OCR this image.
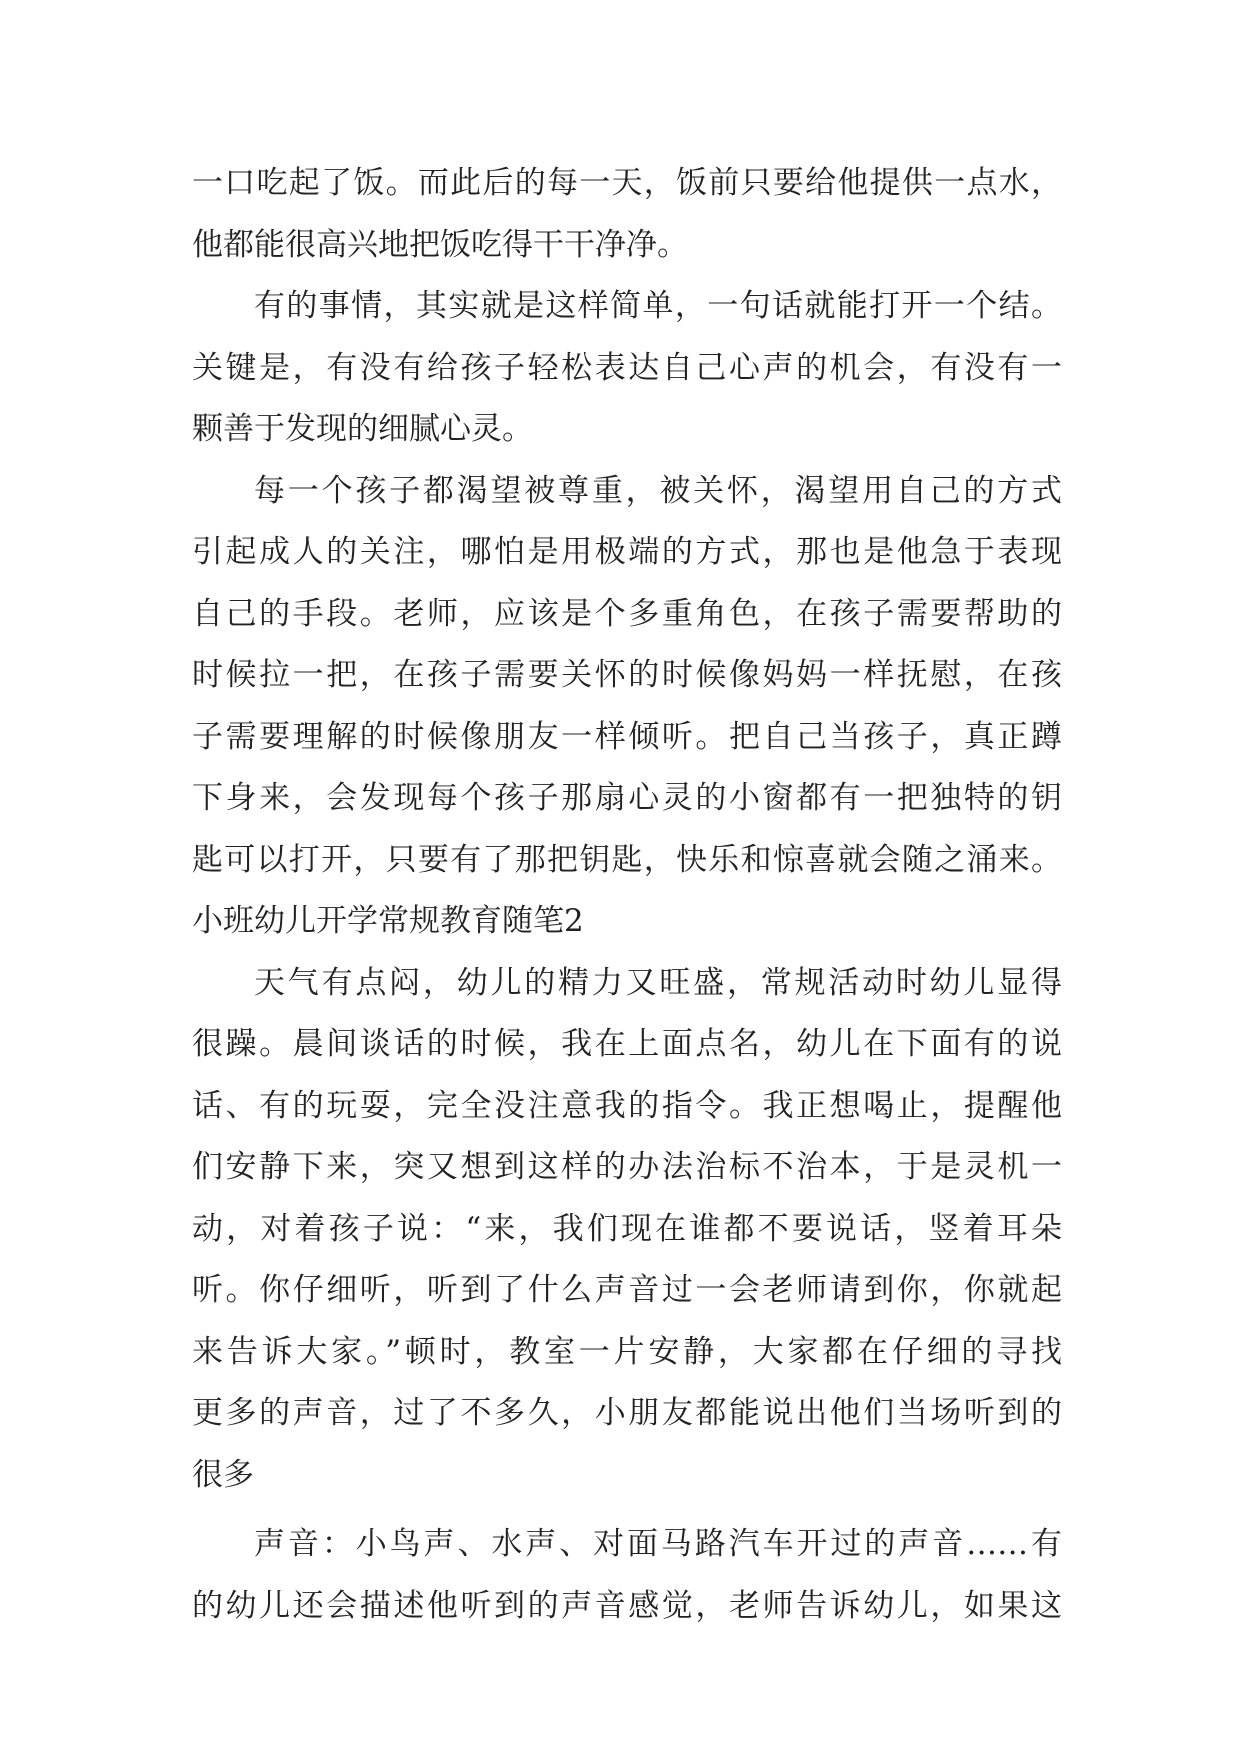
一口吃起了饭。而此后的每一天，饭前只要给他提供一点水，
他都能很高兴地把饭吃得干干净净。
有的事情，其实就是这样简单，一句话就能打开一个结。
关键是，有没有给孩子轻松表达自己心声的机会，有没有一
颗善于发现的细腻心灵。
每一个孩子都渴望被尊重，被关怀，渴望用自己的方式
引起成人的关注，哪怕是用极端的方式，那也是他急于表现
自己的手段。老师，应该是个多重角色，在孩子需要帮助的
时候拉一把，在孩子需要关怀的时候像妈妈一样抚慰，在孩
子需要理解的时候像朋友一样倾听。把自己当孩子，真正蹲
下身来，会发现每个孩子那扇心灵的小窗都有一把独特的钥
匙可以打开，只要有了那把钥匙，快乐和惊喜就会随之涌来。
小班幼儿开学常规教育随笔2
天气有点闷，幼儿的精力又旺盛，常规活动时幼儿显得
很躁。晨间谈话的时候，我在上面点名，幼儿在下面有的说
话、有的玩耍，完全没注意我的指令。我正想喝止，提醒他
们安静下来，突又想到这样的办法治标不治本，于是灵机一
动，对着孩子说：“来，我们现在谁都不要说话，竖着耳朵
听。你仔细听，听到了什么声音过一会老师请到你，你就起
来告诉大家。”顿时，教室一片安静，大家都在仔细的寻找
更多的声音，过了不多久，小朋友都能说出他们当场听到的
很多
声音：小鸟声、水声、对面马路汽车开过的声音……有
的幼儿还会描述他听到的声音感觉，老师告诉幼儿，如果这
